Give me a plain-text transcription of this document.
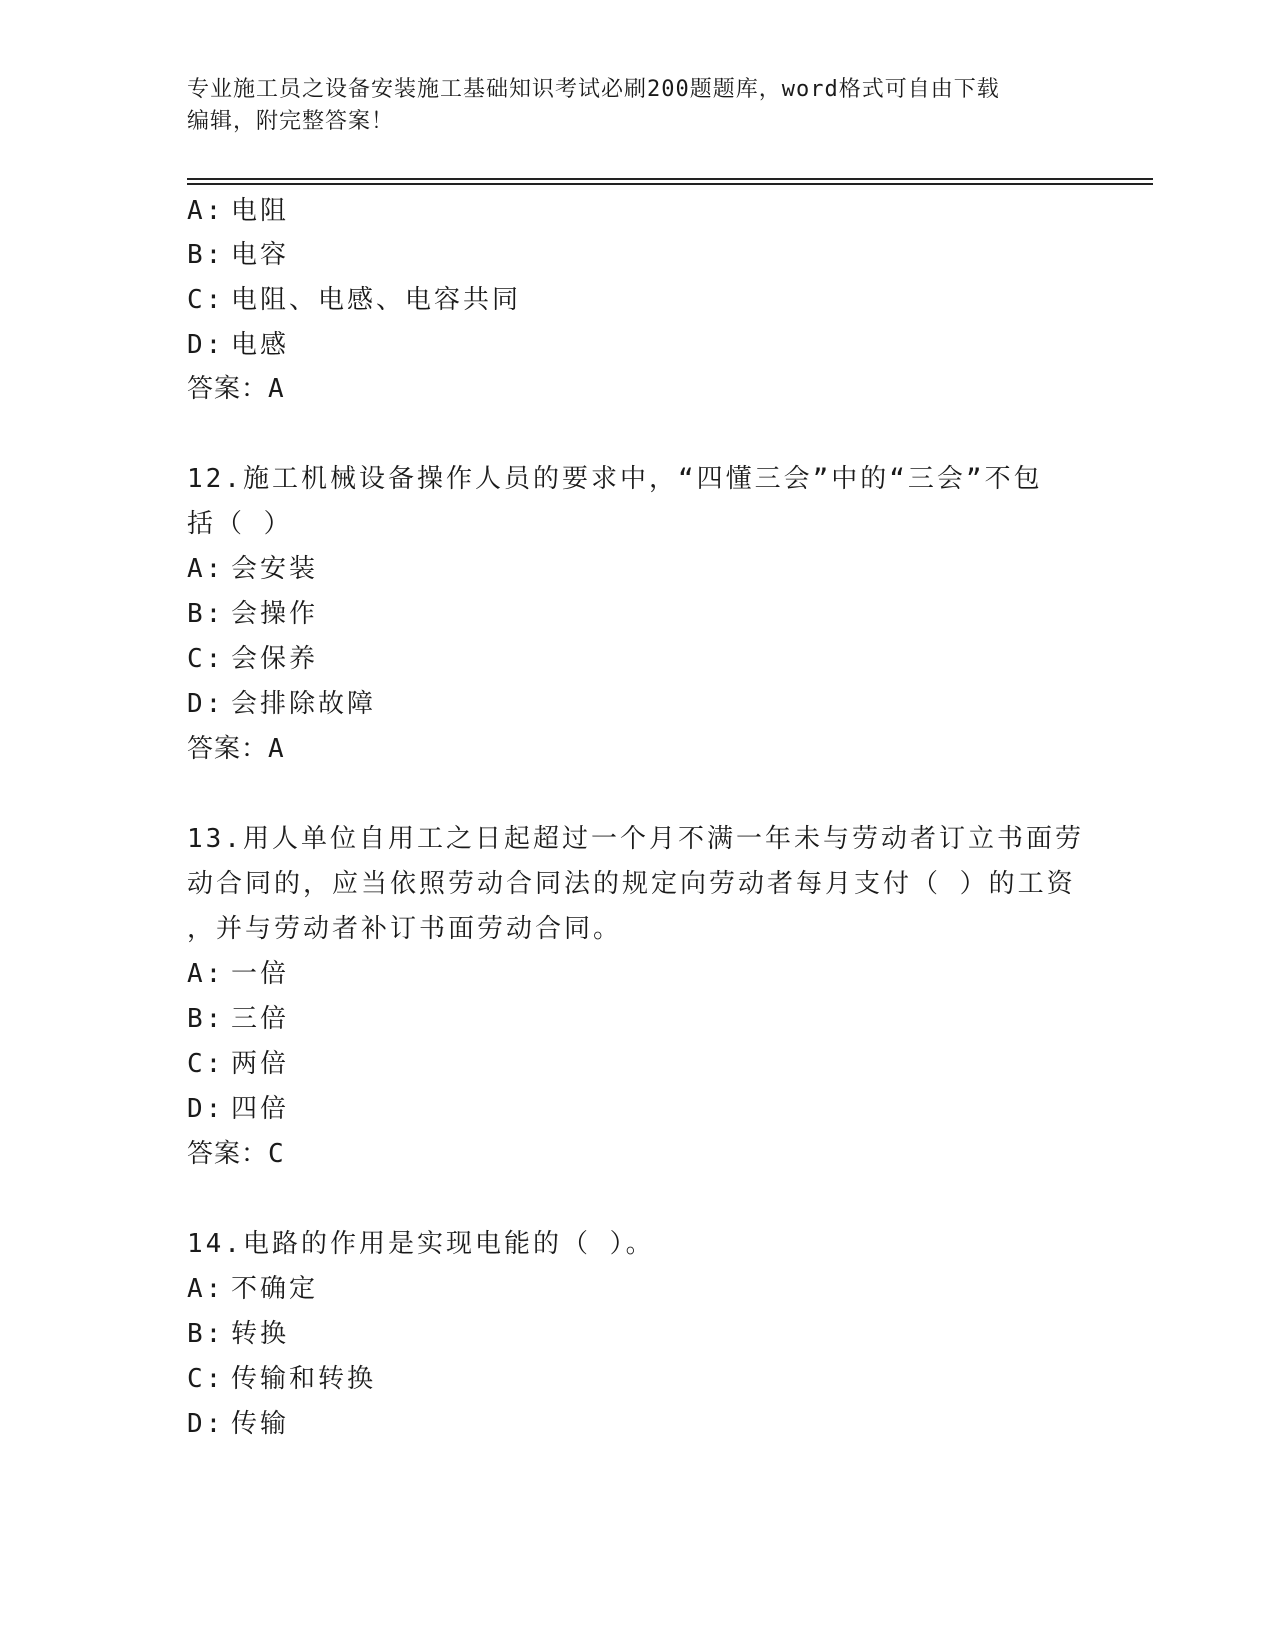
专业施工员之设备安装施工基础知识考试必刷200题题库，word格式可自由下载
编辑，附完整答案！
A: 电阻
B: 电容
C: 电阻、电感、电容共同
D: 电感
答案：A
12.施工机械设备操作人员的要求中，“四懂三会”中的“三会”不包
括（ ）
A: 会安装
B: 会操作
C: 会保养
D: 会排除故障
答案：A
13.用人单位自用工之日起超过一个月不满一年未与劳动者订立书面劳
动合同的，应当依照劳动合同法的规定向劳动者每月支付（ ）的工资
，并与劳动者补订书面劳动合同。
A: 一倍
B: 三倍
C: 两倍
D: 四倍
答案：C
14.电路的作用是实现电能的（ ）。
A: 不确定
B: 转换
C: 传输和转换
D: 传输
